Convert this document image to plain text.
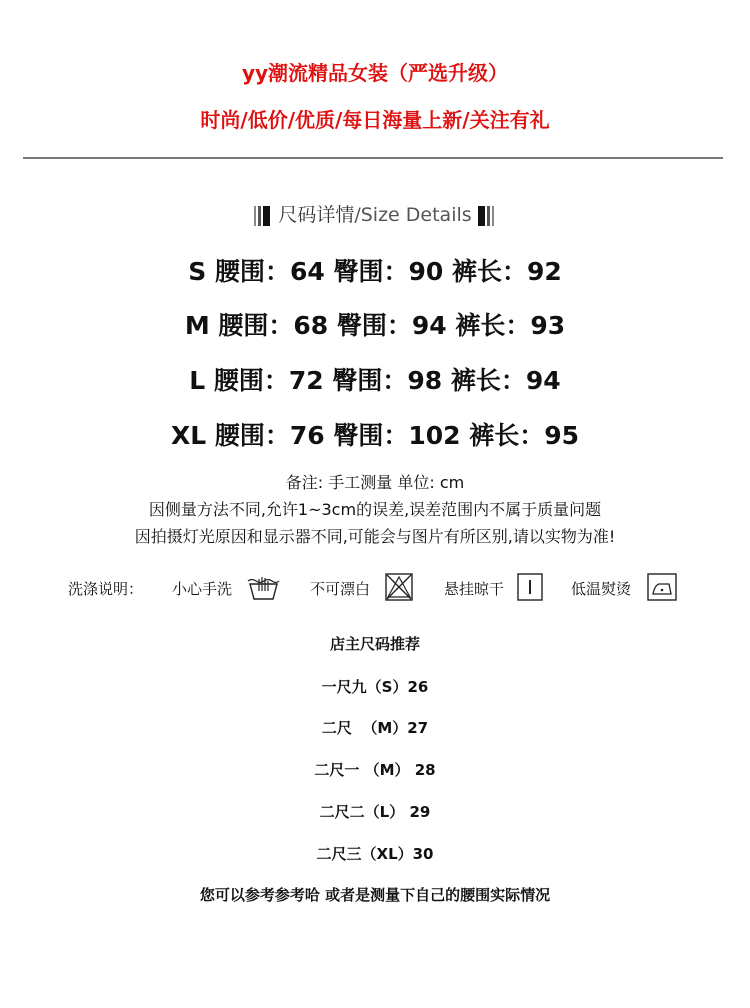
yy潮流精品女装（严选升级）
时尚/低价/优质/每日海量上新/关注有礼
尺码详情/Size Details
S 腰围：64 臀围：90 裤长：92
M 腰围：68 臀围：94 裤长：93
L 腰围：72 臀围：98 裤长：94
XL 腰围：76 臀围：102 裤长：95
备注: 手工测量 单位: cm
因侧量方法不同,允许1~3cm的误差,误差范围内不属于质量问题
因拍摄灯光原因和显示器不同,可能会与图片有所区别,请以实物为准!
洗涤说明： 小心手洗	不可漂白	悬挂晾干	低温熨烫
店主尺码推荐
一尺九（S）26
二尺  （M）27
二尺一 （M） 28
二尺二（L） 29
二尺三（XL）30
您可以参考参考哈 或者是测量下自己的腰围实际情况
